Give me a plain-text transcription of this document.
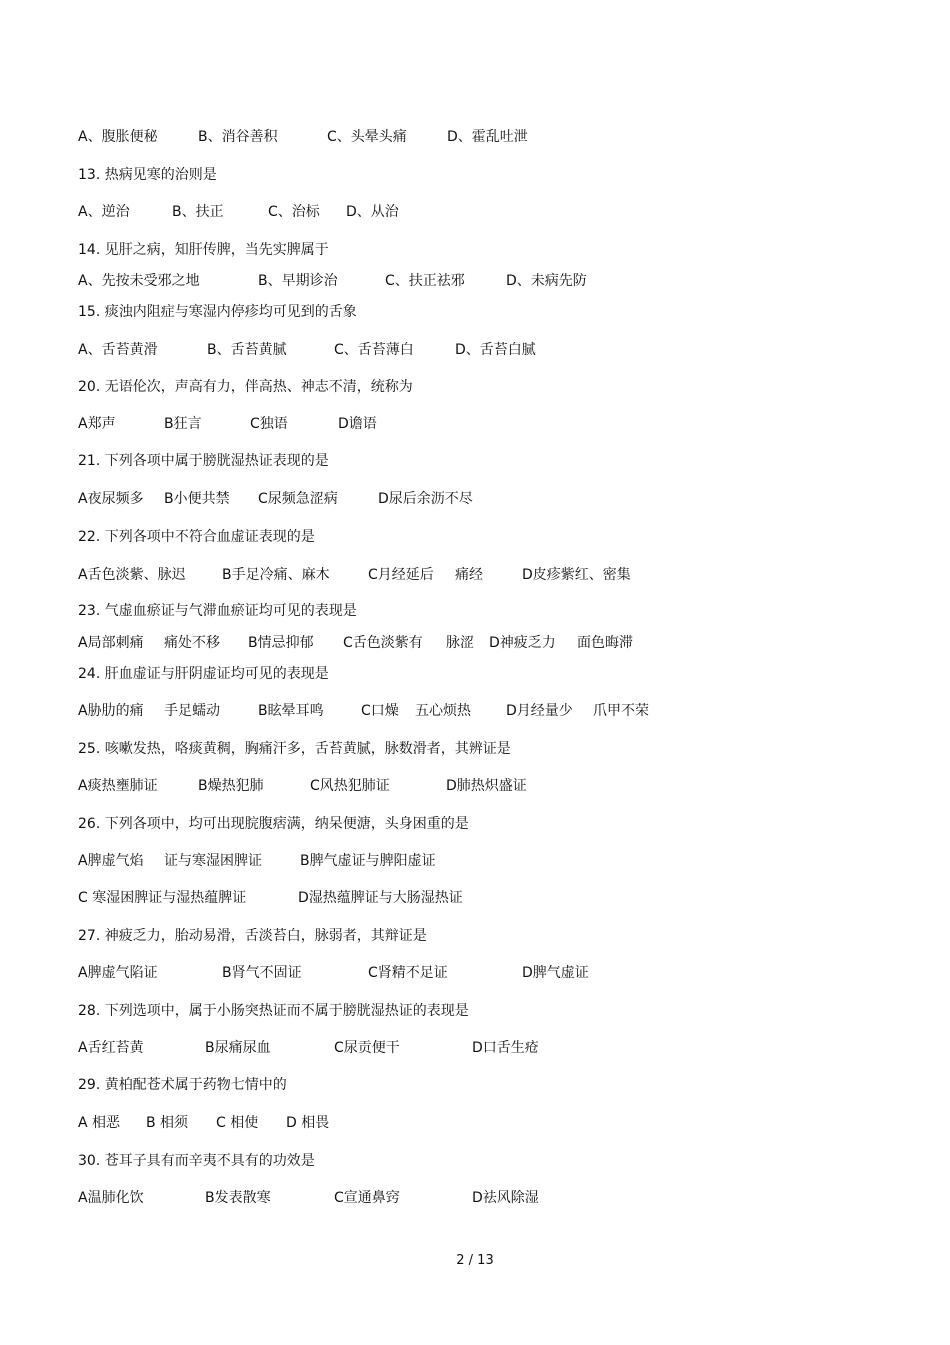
A、腹胀便秘	B、消谷善积	C、头晕头痛	D、霍乱吐泄
13. 热病见寒的治则是
A、逆治	B、扶正	C、治标 D、从治
14. 见肝之病，知肝传脾，当先实脾属于
A、先按未受邪之地	B、早期诊治	C、扶正祛邪	D、未病先防
15. 痰浊内阻症与寒湿内停疹均可见到的舌象
A、舌苔黄滑	B、舌苔黄腻	C、舌苔薄白	D、舌苔白腻
20. 无语伦次，声高有力，伴高热、神志不清，统称为
A郑声	B狂言	C独语	D谵语
21. 下列各项中属于膀胱湿热证表现的是
A夜尿频多 B小便共禁 C尿频急涩病	D尿后余沥不尽
22. 下列各项中不符合血虚证表现的是
A舌色淡紫、脉迟	B手足冷痛、麻木	C月经延后 痛经	D皮疹紫红、密集
23. 气虚血瘀证与气滞血瘀证均可见的表现是
A局部刺痛 痛处不移 B情忌抑郁 C舌色淡紫有 脉涩 D神疲乏力 面色晦滞
24. 肝血虚证与肝阴虚证均可见的表现是
A胁肋的痛 手足蠕动	B眩晕耳鸣	C口燥 五心烦热	D月经量少 爪甲不荣
25. 咳嗽发热，咯痰黄稠，胸痛汗多，舌苔黄腻，脉数滑者，其辨证是
A痰热壅肺证	B燥热犯肺	C风热犯肺证	D肺热炽盛证
26. 下列各项中，均可出现脘腹痞满，纳呆便溏，头身困重的是
A脾虚气焰 证与寒湿困脾证	B脾气虚证与脾阳虚证
C 寒湿困脾证与湿热蕴脾证	D湿热蕴脾证与大肠湿热证
27. 神疲乏力，胎动易滑，舌淡苔白，脉弱者，其辩证是
A脾虚气陷证	B肾气不固证	C肾精不足证	D脾气虚证
28. 下列选项中，属于小肠突热证而不属于膀胱湿热证的表现是
A舌红苔黄	B尿痛尿血	C尿贡便干	D口舌生疮
29. 黄柏配苍术属于药物七情中的
A 相恶 B 相须 C 相使 D 相畏
30. 苍耳子具有而辛夷不具有的功效是
A温肺化饮	B发表散寒	C宣通鼻窍	D祛风除湿
2 / 13
